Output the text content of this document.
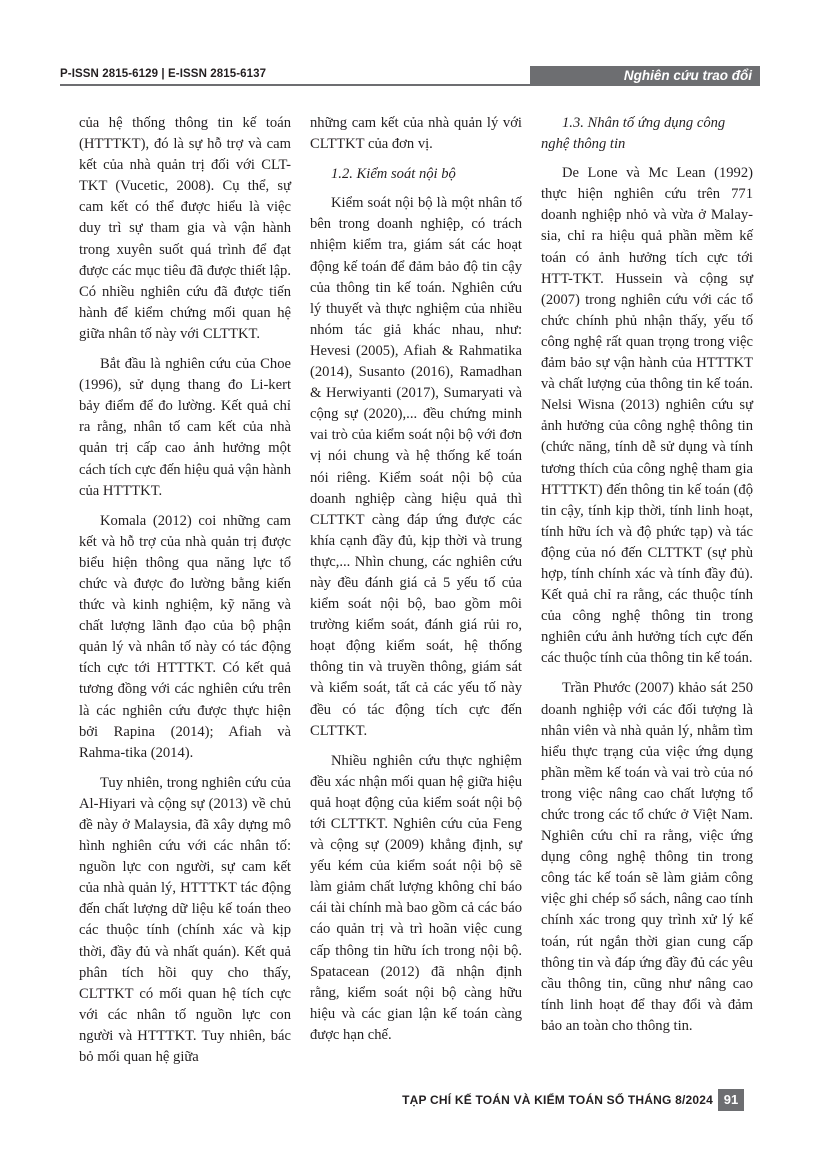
P-ISSN 2815-6129 | E-ISSN 2815-6137	Nghiên cứu trao đổi

của hệ thống thông tin kế toán (HTTTKT), đó là sự hỗ trợ và cam kết của nhà quản trị đối với CLT-TKT (Vucetic, 2008). Cụ thể, sự cam kết có thể được hiểu là việc duy trì sự tham gia và vận hành trong xuyên suốt quá trình để đạt được các mục tiêu đã được thiết lập. Có nhiều nghiên cứu đã được tiến hành để kiểm chứng mối quan hệ giữa nhân tố này với CLTTKT.

Bắt đầu là nghiên cứu của Choe (1996), sử dụng thang đo Li-kert bảy điểm để đo lường. Kết quả chỉ ra rằng, nhân tố cam kết của nhà quản trị cấp cao ảnh hưởng một cách tích cực đến hiệu quả vận hành của HTTTKT.

Komala (2012) coi những cam kết và hỗ trợ của nhà quản trị được biểu hiện thông qua năng lực tổ chức và được đo lường bằng kiến thức và kinh nghiệm, kỹ năng và chất lượng lãnh đạo của bộ phận quản lý và nhân tố này có tác động tích cực tới HTTTKT. Có kết quả tương đồng với các nghiên cứu trên là các nghiên cứu được thực hiện bởi Rapina (2014); Afiah và Rahma-tika (2014).

Tuy nhiên, trong nghiên cứu của Al-Hiyari và cộng sự (2013) về chủ đề này ở Malaysia, đã xây dựng mô hình nghiên cứu với các nhân tố: nguồn lực con người, sự cam kết của nhà quản lý, HTTTKT tác động đến chất lượng dữ liệu kế toán theo các thuộc tính (chính xác và kịp thời, đầy đủ và nhất quán). Kết quả phân tích hồi quy cho thấy, CLTTKT có mối quan hệ tích cực với các nhân tố nguồn lực con người và HTTTKT. Tuy nhiên, bác bỏ mối quan hệ giữa

những cam kết của nhà quản lý với CLTTKT của đơn vị.

1.2. Kiểm soát nội bộ

Kiểm soát nội bộ là một nhân tố bên trong doanh nghiệp, có trách nhiệm kiểm tra, giám sát các hoạt động kế toán để đảm bảo độ tin cậy của thông tin kế toán. Nghiên cứu lý thuyết và thực nghiệm của nhiều nhóm tác giả khác nhau, như: Hevesi (2005), Afiah & Rahmatika (2014), Susanto (2016), Ramadhan & Herwiyanti (2017), Sumaryati và cộng sự (2020),... đều chứng minh vai trò của kiểm soát nội bộ với đơn vị nói chung và hệ thống kế toán nói riêng. Kiểm soát nội bộ của doanh nghiệp càng hiệu quả thì CLTTKT càng đáp ứng được các khía cạnh đầy đủ, kịp thời và trung thực,... Nhìn chung, các nghiên cứu này đều đánh giá cả 5 yếu tố của kiểm soát nội bộ, bao gồm môi trường kiểm soát, đánh giá rủi ro, hoạt động kiểm soát, hệ thống thông tin và truyền thông, giám sát và kiểm soát, tất cả các yếu tố này đều có tác động tích cực đến CLTTKT.

Nhiều nghiên cứu thực nghiệm đều xác nhận mối quan hệ giữa hiệu quả hoạt động của kiểm soát nội bộ tới CLTTKT. Nghiên cứu của Feng và cộng sự (2009) khẳng định, sự yếu kém của kiểm soát nội bộ sẽ làm giảm chất lượng không chỉ báo cái tài chính mà bao gồm cả các báo cáo quản trị và trì hoãn việc cung cấp thông tin hữu ích trong nội bộ. Spatacean (2012) đã nhận định rằng, kiểm soát nội bộ càng hữu hiệu và các gian lận kế toán càng được hạn chế.

1.3. Nhân tố ứng dụng công nghệ thông tin

De Lone và Mc Lean (1992) thực hiện nghiên cứu trên 771 doanh nghiệp nhỏ và vừa ở Malay-sia, chỉ ra hiệu quả phần mềm kế toán có ảnh hưởng tích cực tới HTT-TKT. Hussein và cộng sự (2007) trong nghiên cứu với các tổ chức chính phủ nhận thấy, yếu tố công nghệ rất quan trọng trong việc đảm bảo sự vận hành của HTTTKT và chất lượng của thông tin kế toán. Nelsi Wisna (2013) nghiên cứu sự ảnh hưởng của công nghệ thông tin (chức năng, tính dễ sử dụng và tính tương thích của công nghệ tham gia HTTTKT) đến thông tin kế toán (độ tin cậy, tính kịp thời, tính linh hoạt, tính hữu ích và độ phức tạp) và tác động của nó đến CLTTKT (sự phù hợp, tính chính xác và tính đầy đủ). Kết quả chỉ ra rằng, các thuộc tính của công nghệ thông tin trong nghiên cứu ảnh hưởng tích cực đến các thuộc tính của thông tin kế toán.

Trần Phước (2007) khảo sát 250 doanh nghiệp với các đối tượng là nhân viên và nhà quản lý, nhằm tìm hiểu thực trạng của việc ứng dụng phần mềm kế toán và vai trò của nó trong việc nâng cao chất lượng tổ chức trong các tổ chức ở Việt Nam. Nghiên cứu chỉ ra rằng, việc ứng dụng công nghệ thông tin trong công tác kế toán sẽ làm giảm công việc ghi chép sổ sách, nâng cao tính chính xác trong quy trình xử lý kế toán, rút ngắn thời gian cung cấp thông tin và đáp ứng đầy đủ các yêu cầu thông tin, cũng như nâng cao tính linh hoạt để thay đổi và đảm bảo an toàn cho thông tin.

TẠP CHÍ KẾ TOÁN VÀ KIỂM TOÁN SỐ THÁNG 8/2024 91
